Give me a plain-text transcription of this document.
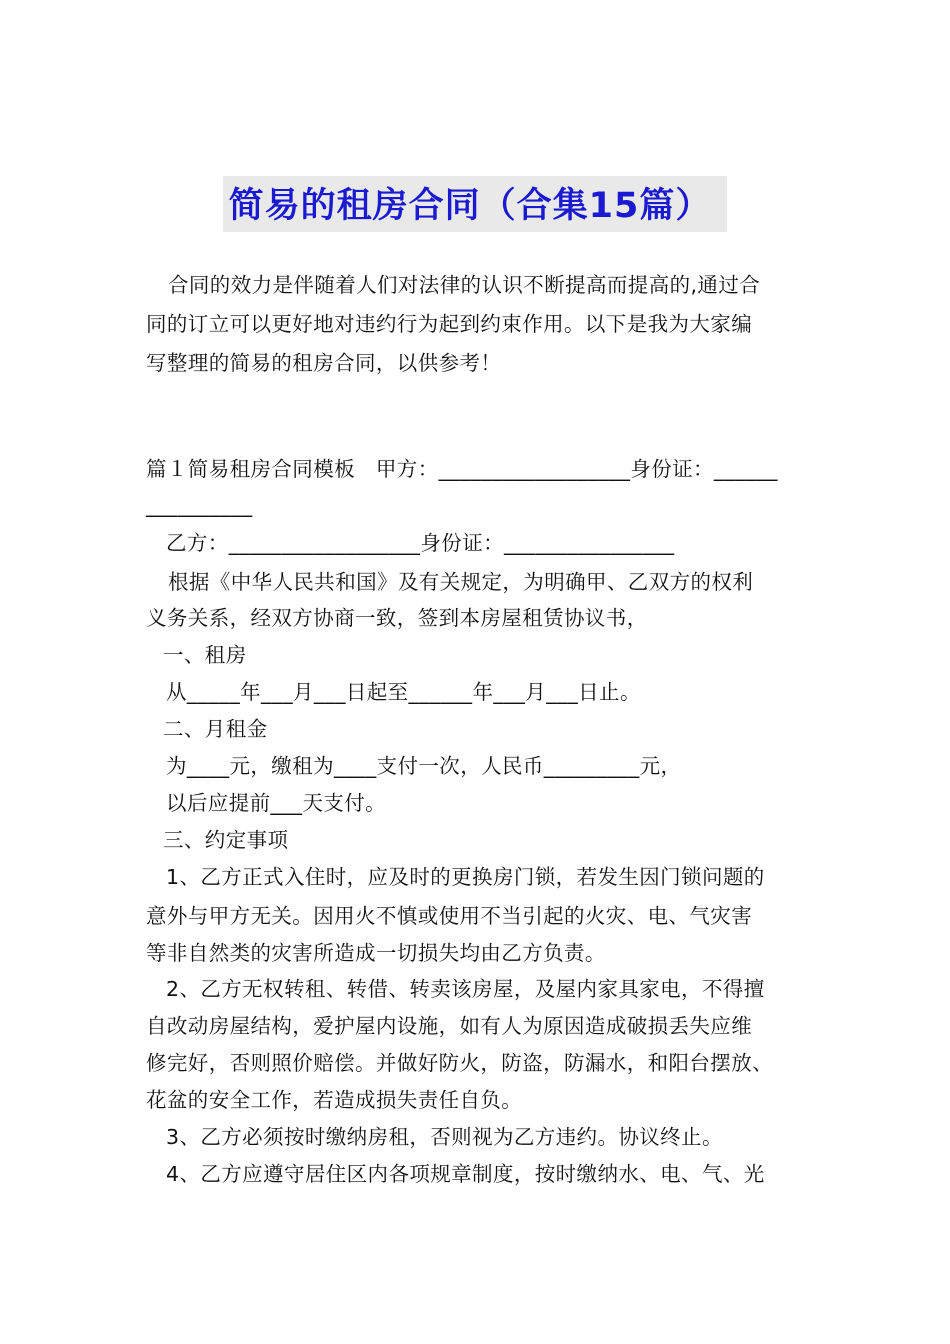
简易的租房合同（合集15篇）
合同的效力是伴随着人们对法律的认识不断提高而提高的,通过合
同的订立可以更好地对违约行为起到约束作用。以下是我为大家编
写整理的简易的租房合同，以供参考！
篇１简易租房合同模板　甲方：__________________身份证：______
__________
乙方：__________________身份证：________________
根据《中华人民共和国》及有关规定，为明确甲、乙双方的权利
义务关系，经双方协商一致，签到本房屋租赁协议书，
一、租房
从_____年___月___日起至______年___月___日止。
二、月租金
为____元，缴租为____支付一次，人民币_________元，
以后应提前___天支付。
三、约定事项
1、乙方正式入住时，应及时的更换房门锁，若发生因门锁问题的
意外与甲方无关。因用火不慎或使用不当引起的火灾、电、气灾害
等非自然类的灾害所造成一切损失均由乙方负责。
2、乙方无权转租、转借、转卖该房屋，及屋内家具家电，不得擅
自改动房屋结构，爱护屋内设施，如有人为原因造成破损丢失应维
修完好，否则照价赔偿。并做好防火，防盗，防漏水，和阳台摆放、
花盆的安全工作，若造成损失责任自负。
3、乙方必须按时缴纳房租，否则视为乙方违约。协议终止。
4、乙方应遵守居住区内各项规章制度，按时缴纳水、电、气、光
